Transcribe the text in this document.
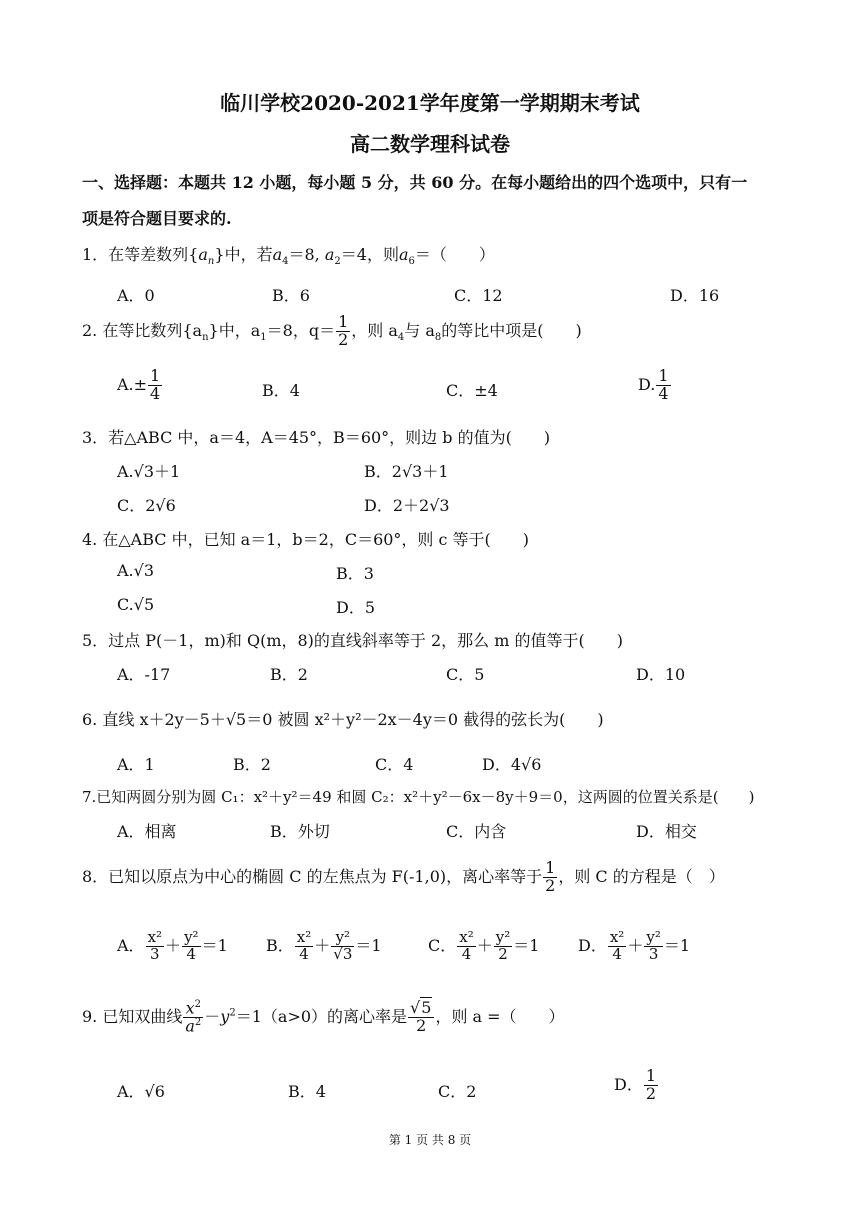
临川学校2020-2021学年度第一学期期末考试
高二数学理科试卷
一、选择题：本题共 12 小题，每小题 5 分，共 60 分。在每小题给出的四个选项中，只有一
项是符合题目要求的.
1．在等差数列$\{a_n\}$中，若$a_4=8$, $a_2=4$，则$a_6=$（　　）
A．0	B．6	C．12	D．16
2. 在等比数列$\{a_n\}$中，$a_1=8$，$q= \frac{1}{2}$ ，则 $a_4$与 $a_8$的等比中项是(　　)
$A.\pm \frac{1}{4}$	B．4	C．±4	D. $\frac{1}{4}$
3．若△ABC 中，a＝4，A＝45°，B＝60°，则边 b 的值为(　　)
A.√3＋1	B．2√3＋1
C．2√6	D．2＋2√3
4. 在△ABC 中，已知 a＝1，b＝2，C＝60°，则 c 等于(　　)
A.√3	B．3
C.√5	D．5
5．过点 P(－1，m)和 Q(m，8)的直线斜率等于 2，那么 m 的值等于(　　)
A．-17	B．2	C．5	D．10
6. 直线 x＋2y－5＋√5＝0 被圆 x²＋y²－2x－4y＝0 截得的弦长为(　　)
A．1	B．2	C．4	D．4√6
7.已知两圆分别为圆 C₁：x²＋y²＝49 和圆 C₂：x²＋y²－6x－8y＋9＝0，这两圆的位置关系是(　　)
A．相离	B．外切	C．内含	D．相交
8．已知以原点为中心的椭圆 C 的左焦点为 F(-1,0)，离心率等于 $\frac{1}{2}$ ，则 C 的方程是（　）
A． $\frac{\text{x²}}{3} + \frac{\text{y²}}{4} =1$ B． $\frac{\text{x²}}{4} + \frac{\text{y²}}{√3} =1$	C． $\frac{\text{x²}}{4} + \frac{\text{y²}}{2} =1$ D． $\frac{\text{x²}}{4} + \frac{\text{y²}}{3} =1$
9. 已知双曲线 $\frac{x^2}{a^2} -y^2=1(a>0)$的离心率是 $\frac{√5}{2}$ ，则 a =（　　）
A．√6	B．4	C．2	D． $\frac{1}{2}$
第 1 页 共 8 页
